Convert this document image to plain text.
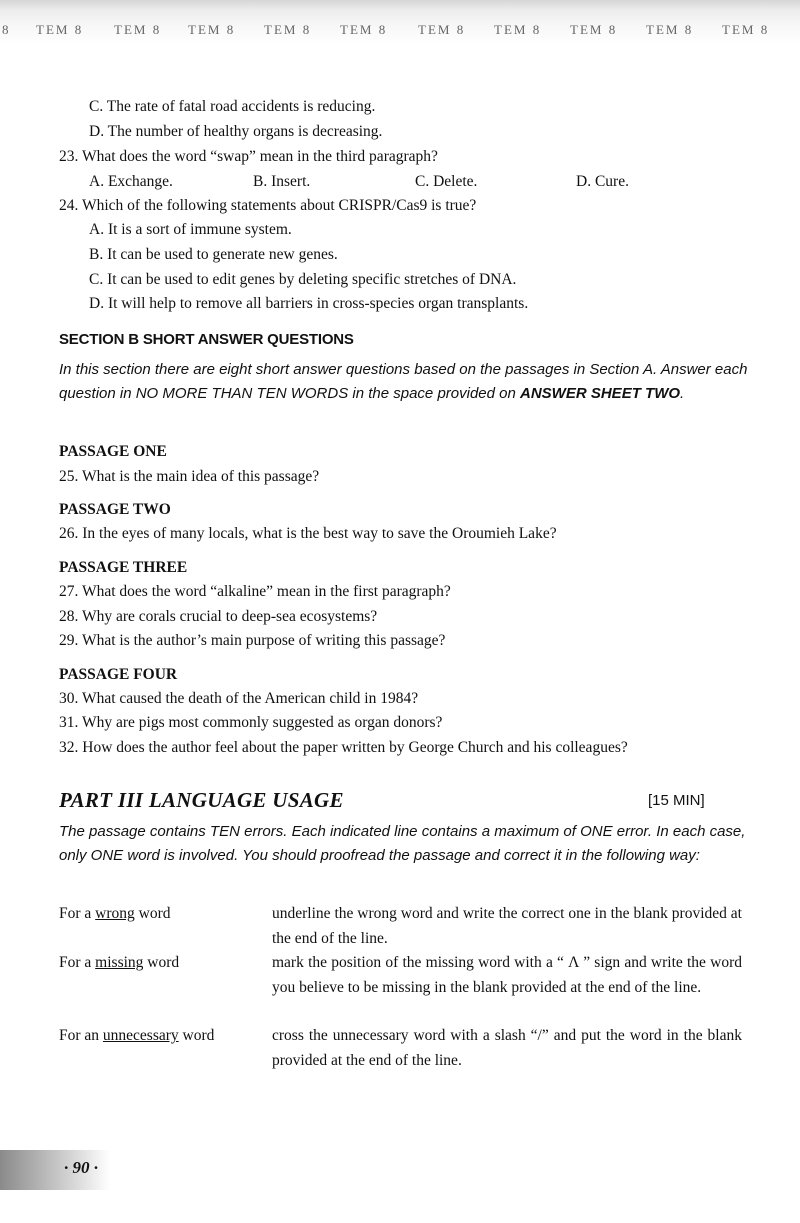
8 TEM 8 TEM 8 TEM 8 TEM 8 TEM 8 TEM 8 TEM 8 TEM 8 TEM 8 TEM 8
C. The rate of fatal road accidents is reducing.
D. The number of healthy organs is decreasing.
23. What does the word “swap” mean in the third paragraph?
A. Exchange.	B. Insert.	C. Delete.	D. Cure.
24. Which of the following statements about CRISPR/Cas9 is true?
A. It is a sort of immune system.
B. It can be used to generate new genes.
C. It can be used to edit genes by deleting specific stretches of DNA.
D. It will help to remove all barriers in cross-species organ transplants.
SECTION B SHORT ANSWER QUESTIONS
In this section there are eight short answer questions based on the passages in Section A. Answer each question in NO MORE THAN TEN WORDS in the space provided on ANSWER SHEET TWO.
PASSAGE ONE
25. What is the main idea of this passage?
PASSAGE TWO
26. In the eyes of many locals, what is the best way to save the Oroumieh Lake?
PASSAGE THREE
27. What does the word “alkaline” mean in the first paragraph?
28. Why are corals crucial to deep-sea ecosystems?
29. What is the author’s main purpose of writing this passage?
PASSAGE FOUR
30. What caused the death of the American child in 1984?
31. Why are pigs most commonly suggested as organ donors?
32. How does the author feel about the paper written by George Church and his colleagues?
PART III LANGUAGE USAGE	[15 MIN]
The passage contains TEN errors. Each indicated line contains a maximum of ONE error. In each case, only ONE word is involved. You should proofread the passage and correct it in the following way:
For a wrong word	underline the wrong word and write the correct one in the blank provided at the end of the line.
For a missing word	mark the position of the missing word with a “ Λ ” sign and write the word you believe to be missing in the blank provided at the end of the line.
For an unnecessary word	cross the unnecessary word with a slash “/” and put the word in the blank provided at the end of the line.
· 90 ·
